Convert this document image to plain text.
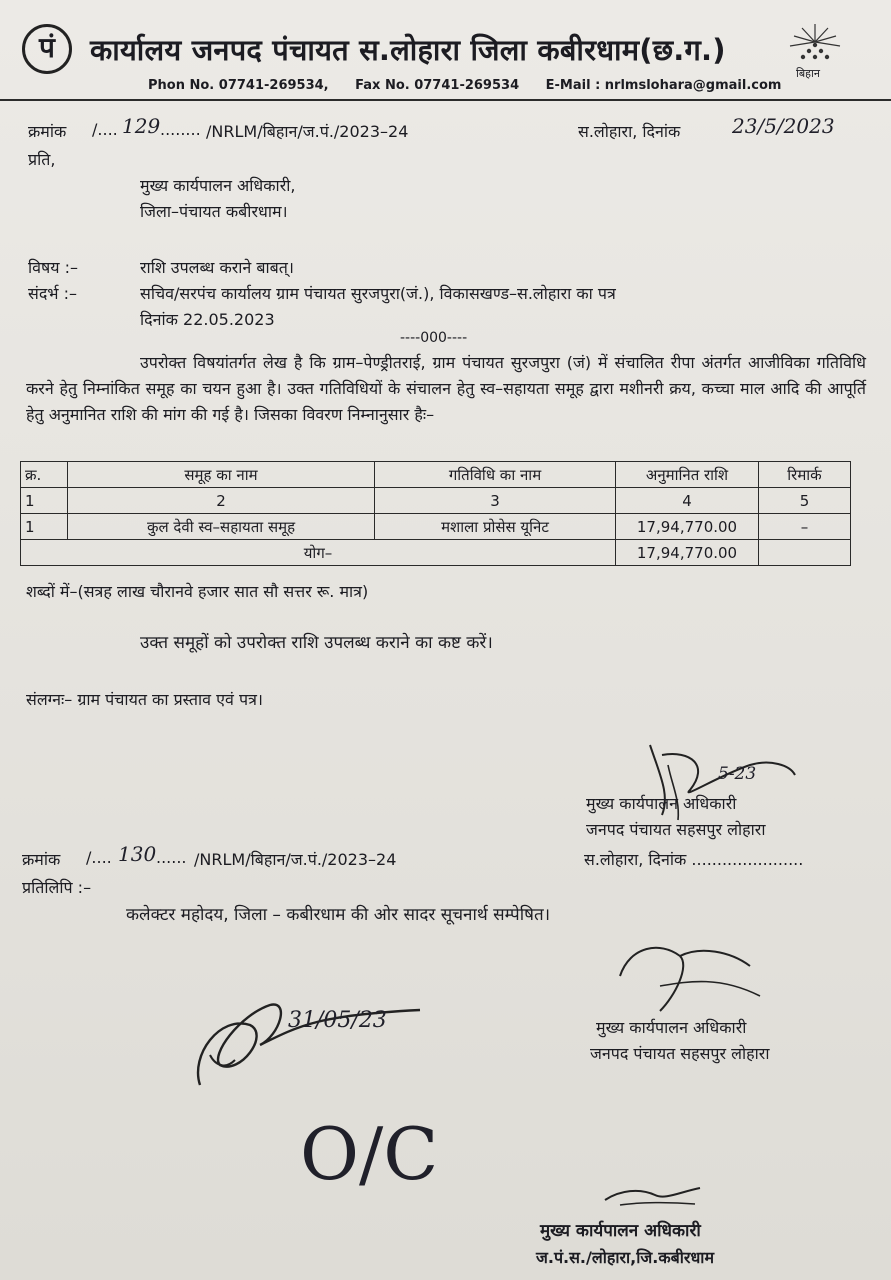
पं	कार्यालय जनपद पंचायत स.लोहारा जिला कबीरधाम(छ.ग.)
Phon No. 07741-269534, Fax No. 07741-269534 E-Mail : nrlmslohara@gmail.com
बिहान
क्रमांक /.... 129 ........ /NRLM/बिहान/ज.पं./2023–24	स.लोहारा, दिनांक	23/5/2023
प्रति,
मुख्य कार्यपालन अधिकारी,
जिला–पंचायत कबीरधाम।
विषय :–	राशि उपलब्ध कराने बाबत्।
संदर्भ :–	सचिव/सरपंच कार्यालय ग्राम पंचायत सुरजपुरा(जं.), विकासखण्ड–स.लोहारा का पत्र
दिनांक 22.05.2023
----000----
उपरोक्त विषयांतर्गत लेख है कि ग्राम–पेण्ड्रीतराई, ग्राम पंचायत सुरजपुरा (जं) में संचालित रीपा अंतर्गत आजीविका गतिविधि करने हेतु निम्नांकित समूह का चयन हुआ है। उक्त गतिविधियों के संचालन हेतु स्व–सहायता समूह द्वारा मशीनरी क्रय, कच्चा माल आदि की आपूर्ति हेतु अनुमानित राशि की मांग की गई है। जिसका विवरण निम्नानुसार हैः–
क्र.	समूह का नाम	गतिविधि का नाम	अनुमानित राशि	रिमार्क
1	2	3	4	5
1	कुल देवी स्व–सहायता समूह	मशाला प्रोसेस यूनिट	17,94,770.00	–
योग–			17,94,770.00	
शब्दों में–(सत्रह लाख चौरानवे हजार सात सौ सत्तर रू. मात्र)
उक्त समूहों को उपरोक्त राशि उपलब्ध कराने का कष्ट करें।
संलग्नः– ग्राम पंचायत का प्रस्ताव एवं पत्र।
5-23
मुख्य कार्यपालन अधिकारी
जनपद पंचायत सहसपुर लोहारा
क्रमांक /.... 130 ...... /NRLM/बिहान/ज.पं./2023–24	स.लोहारा, दिनांक ......................
प्रतिलिपि :–
कलेक्टर महोदय, जिला – कबीरधाम की ओर सादर सूचनार्थ सम्पेषित।
मुख्य कार्यपालन अधिकारी
जनपद पंचायत सहसपुर लोहारा
31/05/23
O/C
मुख्य कार्यपालन अधिकारी
ज.पं.स./लोहारा,जि.कबीरधाम
